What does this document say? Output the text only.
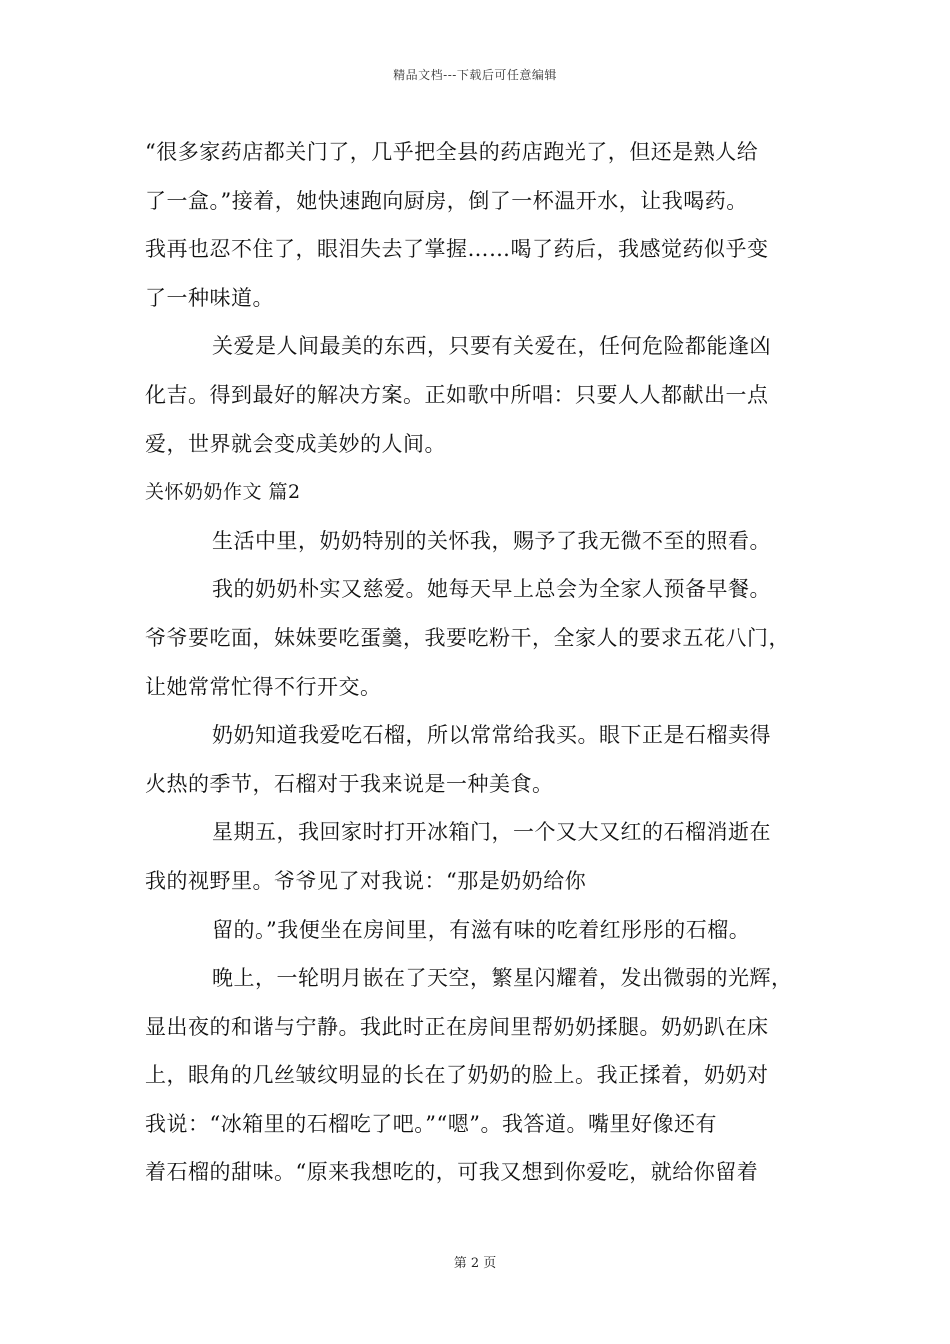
精品文档---下载后可任意编辑
“很多家药店都关门了，几乎把全县的药店跑光了，但还是熟人给
了一盒。”接着，她快速跑向厨房，倒了一杯温开水，让我喝药。
我再也忍不住了，眼泪失去了掌握……喝了药后，我感觉药似乎变
了一种味道。
关爱是人间最美的东西，只要有关爱在，任何危险都能逢凶
化吉。得到最好的解决方案。正如歌中所唱：只要人人都献出一点
爱，世界就会变成美妙的人间。
关怀奶奶作文 篇2
生活中里，奶奶特别的关怀我，赐予了我无微不至的照看。
我的奶奶朴实又慈爱。她每天早上总会为全家人预备早餐。
爷爷要吃面，妹妹要吃蛋羹，我要吃粉干，全家人的要求五花八门，
让她常常忙得不行开交。
奶奶知道我爱吃石榴，所以常常给我买。眼下正是石榴卖得
火热的季节，石榴对于我来说是一种美食。
星期五，我回家时打开冰箱门，一个又大又红的石榴消逝在
我的视野里。爷爷见了对我说：“那是奶奶给你
留的。”我便坐在房间里，有滋有味的吃着红彤彤的石榴。
晚上，一轮明月嵌在了天空，繁星闪耀着，发出微弱的光辉，
显出夜的和谐与宁静。我此时正在房间里帮奶奶揉腿。奶奶趴在床
上，眼角的几丝皱纹明显的长在了奶奶的脸上。我正揉着，奶奶对
我说：“冰箱里的石榴吃了吧。”“嗯”。我答道。嘴里好像还有
着石榴的甜味。“原来我想吃的，可我又想到你爱吃，就给你留着
第 2 页
